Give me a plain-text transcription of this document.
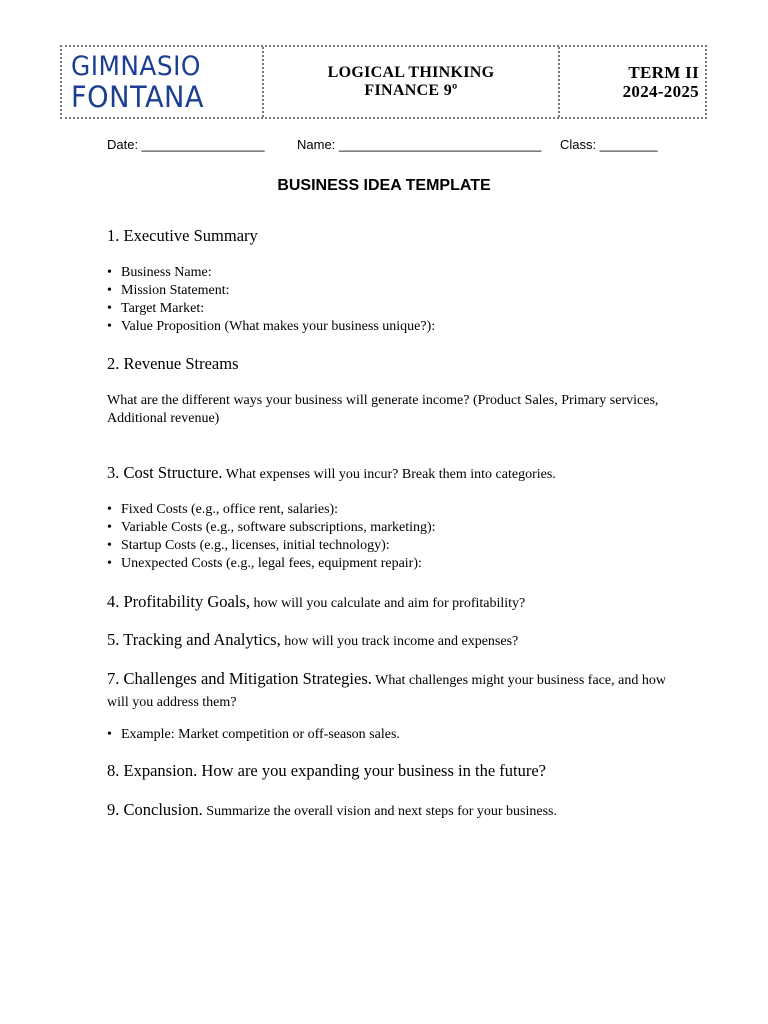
GIMNASIO
FONTANA
LOGICAL THINKING
FINANCE 9º
TERM II
2024-2025
Date: _________________	Name: ____________________________	Class: ________
BUSINESS IDEA TEMPLATE
1. Executive Summary
• Business Name:
• Mission Statement:
• Target Market:
• Value Proposition (What makes your business unique?):
2. Revenue Streams
What are the different ways your business will generate income? (Product Sales, Primary services, Additional revenue)
3. Cost Structure. What expenses will you incur? Break them into categories.
• Fixed Costs (e.g., office rent, salaries):
• Variable Costs (e.g., software subscriptions, marketing):
• Startup Costs (e.g., licenses, initial technology):
• Unexpected Costs (e.g., legal fees, equipment repair):
4. Profitability Goals, how will you calculate and aim for profitability?
5. Tracking and Analytics, how will you track income and expenses?
7. Challenges and Mitigation Strategies. What challenges might your business face, and how will you address them?
• Example: Market competition or off-season sales.
8. Expansion. How are you expanding your business in the future?
9. Conclusion. Summarize the overall vision and next steps for your business.
